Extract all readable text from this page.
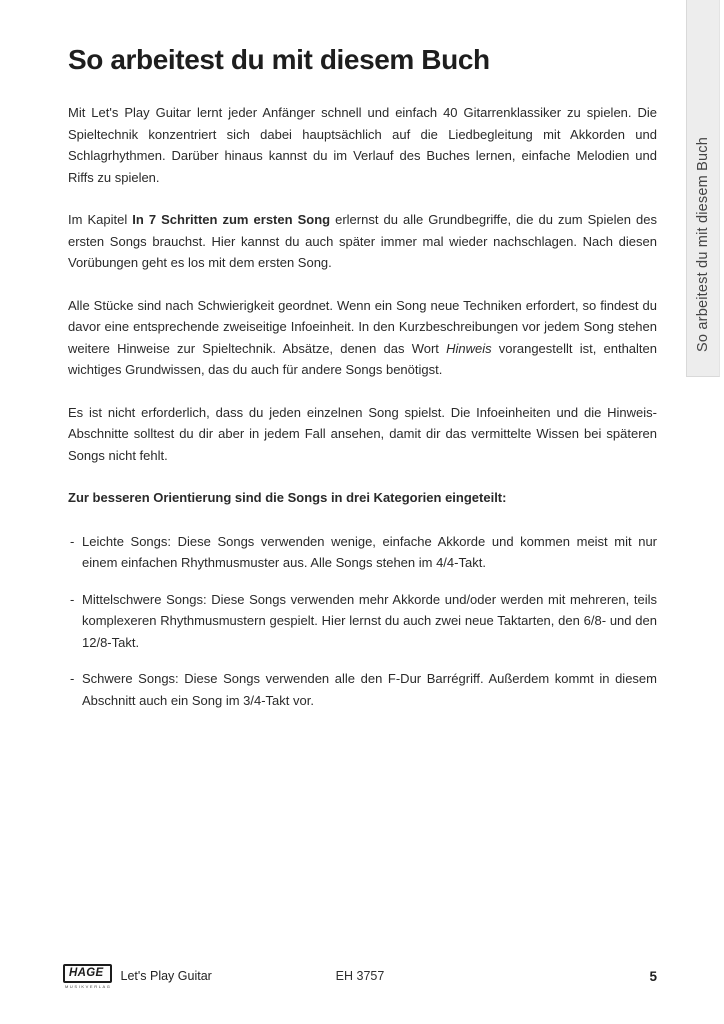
So arbeitest du mit diesem Buch
So arbeitest du mit diesem Buch

Mit Let's Play Guitar lernt jeder Anfänger schnell und einfach 40 Gitarrenklassiker zu spielen. Die Spieltechnik konzentriert sich dabei hauptsächlich auf die Liedbegleitung mit Akkorden und Schlagrhythmen. Darüber hinaus kannst du im Verlauf des Buches lernen, einfache Melodien und Riffs zu spielen.

Im Kapitel In 7 Schritten zum ersten Song erlernst du alle Grundbegriffe, die du zum Spielen des ersten Songs brauchst. Hier kannst du auch später immer mal wieder nachschlagen. Nach diesen Vorübungen geht es los mit dem ersten Song.

Alle Stücke sind nach Schwierigkeit geordnet. Wenn ein Song neue Techniken erfordert, so findest du davor eine entsprechende zweiseitige Infoeinheit. In den Kurzbeschreibungen vor jedem Song stehen weitere Hinweise zur Spieltechnik. Absätze, denen das Wort Hinweis vorangestellt ist, enthalten wichtiges Grundwissen, das du auch für andere Songs benötigst.

Es ist nicht erforderlich, dass du jeden einzelnen Song spielst. Die Infoeinheiten und die Hinweis-Abschnitte solltest du dir aber in jedem Fall ansehen, damit dir das vermittelte Wissen bei späteren Songs nicht fehlt.

Zur besseren Orientierung sind die Songs in drei Kategorien eingeteilt:

- Leichte Songs: Diese Songs verwenden wenige, einfache Akkorde und kommen meist mit nur einem einfachen Rhythmusmuster aus. Alle Songs stehen im 4/4-Takt.
- Mittelschwere Songs: Diese Songs verwenden mehr Akkorde und/oder werden mit mehreren, teils komplexeren Rhythmusmustern gespielt. Hier lernst du auch zwei neue Taktarten, den 6/8- und den 12/8-Takt.
- Schwere Songs: Diese Songs verwenden alle den F-Dur Barrégriff. Außerdem kommt in diesem Abschnitt auch ein Song im 3/4-Takt vor.
HAGE
MUSIKVERLAG
Let's Play Guitar	EH 3757	5
